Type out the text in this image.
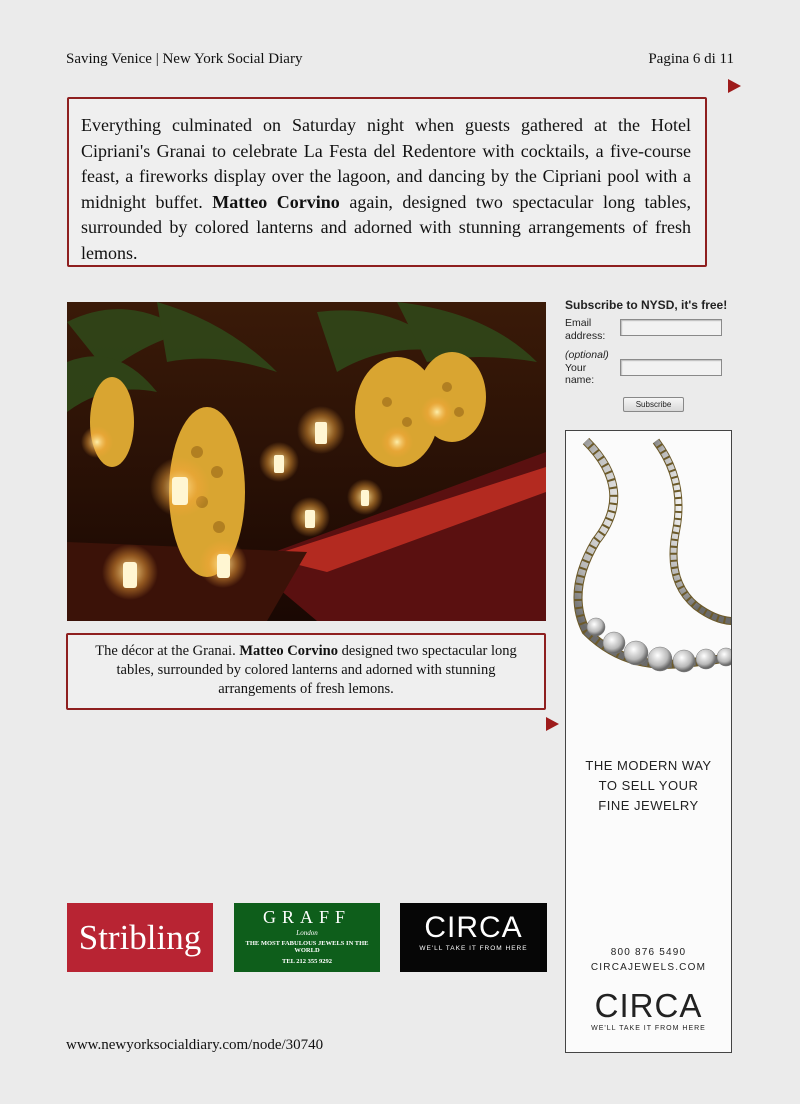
Saving Venice | New York Social Diary	Pagina 6 di 11
Everything culminated on Saturday night when guests gathered at the Hotel Cipriani's Granai to celebrate La Festa del Redentore with cocktails, a five-course feast, a fireworks display over the lagoon, and dancing by the Cipriani pool with a midnight buffet. Matteo Corvino again, designed two spectacular long tables, surrounded by colored lanterns and adorned with stunning arrangements of fresh lemons.
The décor at the Granai. Matteo Corvino designed two spectacular long tables, surrounded by colored lanterns and adorned with stunning arrangements of fresh lemons.
Subscribe to NYSD, it's free!
Email
address:
(optional)
Your
name:
Subscribe
THE MODERN WAY
TO SELL YOUR
FINE JEWELRY
800 876 5490
CIRCAJEWELS.COM
CIRCA
WE'LL TAKE IT FROM HERE
Stribling
GRAFF
London
THE MOST FABULOUS JEWELS IN THE WORLD
TEL 212 355 9292
CIRCA
WE'LL TAKE IT FROM HERE
www.newyorksocialdiary.com/node/30740
